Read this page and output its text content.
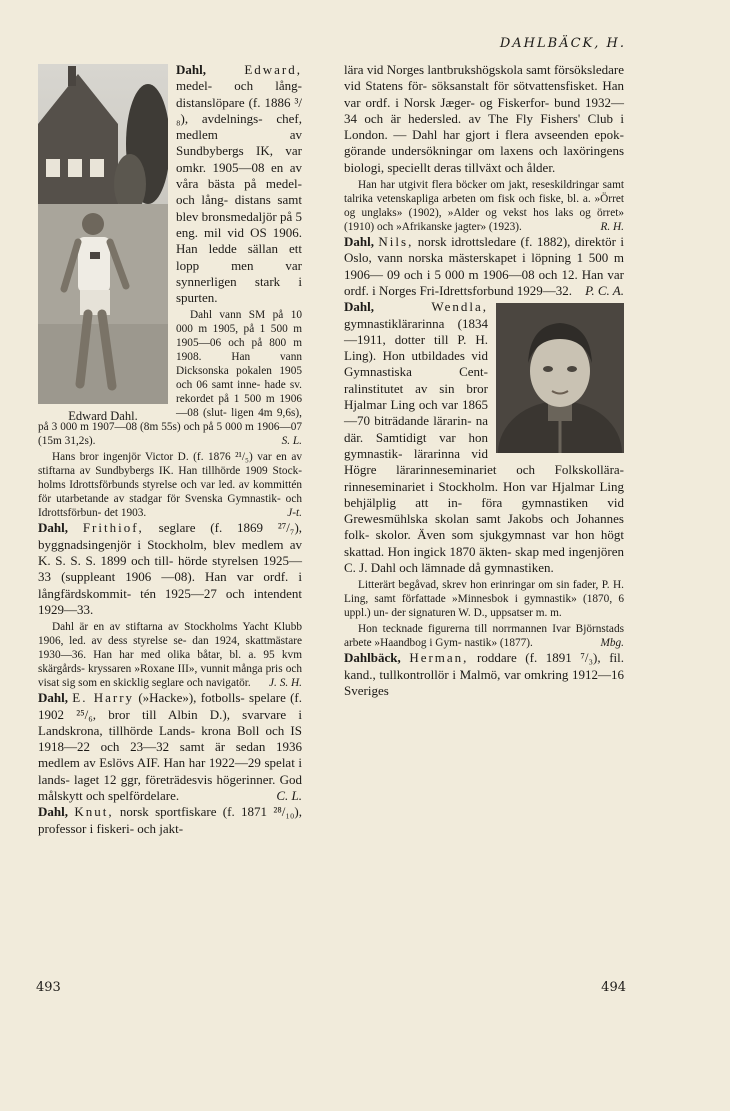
DAHLBÄCK, H.
Edward Dahl.

Dahl,	Edward, medel- och lång- distanslöpare (f. 1886 ³/₈), avdelnings- chef, medlem av Sundbybergs IK, var omkr. 1905—08 en av våra bästa på medel- och lång- distans samt blev bronsmedaljör på 5 eng. mil vid OS 1906. Han ledde sällan ett lopp men var synnerligen stark i spurten.

Dahl vann SM på 10 000 m 1905, på 1 500 m 1905—06 och på 800 m 1908. Han vann Dicksonska pokalen 1905 och 06 samt inne- hade sv. rekordet på 1 500 m 1906—08 (slut- ligen 4m 9,6s), på 3 000 m 1907—08 (8m 55s) och på 5 000 m 1906—07 (15m 31,2s).	S. L.

Hans bror ingenjör Victor D. (f. 1876 ²¹/₅) var en av stiftarna av Sundbybergs IK. Han tillhörde 1909 Stock- holms Idrottsförbunds styrelse och var led. av kommittén för utarbetande av stadgar för Svenska Gymnastik- och Idrottsförbun- det 1903.	J-t.

Dahl, Frithiof, seglare (f. 1869 ²⁷/₇), byggnadsingenjör i Stockholm, blev medlem av K. S. S. S. 1899 och till- hörde styrelsen 1925—33 (suppleant 1906 —08). Han var ordf. i långfärdskommit- tén 1925—27 och intendent 1929—33.

Dahl är en av stiftarna av Stockholms Yacht Klubb 1906, led. av dess styrelse se- dan 1924, skattmästare 1930—36. Han har med olika båtar, bl. a. 95 kvm skärgårds- kryssaren »Roxane III», vunnit många pris och visat sig som en skicklig seglare och navigatör.	J. S. H.

Dahl, E. Harry (»Hacke»), fotbolls- spelare (f. 1902 ²⁵/₆, bror till Albin D.), svarvare i Landskrona, tillhörde Lands- krona Boll och IS 1918—22 och 23—32 samt är sedan 1936 medlem av Eslövs AIF. Han har 1922—29 spelat i lands- laget 12 ggr, företrädesvis högerinner. God målskytt och spelfördelare.	C. L.
Dahl, Knut, norsk sportfiskare (f. 1871 ²⁸/₁₀), professor i fiskeri- och jakt-
lära vid Norges lantbrukshögskola samt försöksledare vid Statens för- söksanstalt för sötvattensfisket. Han var ordf. i Norsk Jæger- og Fiskerfor- bund 1932—34 och är hedersled. av The Fly Fishers' Club i London. — Dahl har gjort i flera avseenden epok- görande undersökningar om laxens och laxöringens biologi, speciellt deras tillväxt och ålder.

Han har utgivit flera böcker om jakt, reseskildringar samt talrika vetenskapliga arbeten om fisk och fiske, bl. a. »Örret og unglaks» (1902), »Alder og vekst hos laks og örret» (1910) och »Afrikanske jagter» (1923).	R. H.

Dahl, Nils, norsk idrottsledare (f. 1882), direktör i Oslo, vann norska mästerskapet i löpning 1 500 m 1906— 09 och i 5 000 m 1906—08 och 12. Han var ordf. i Norges Fri-Idrettsforbund 1929—32. P. C. A.
Dahl,	Wendla, gymnastiklärarinna (1834—1911, dotter till P. H. Ling). Hon utbildades vid Gymnastiska Cent- ralinstitutet av sin bror Hjalmar Ling och var 1865—70 biträdande lärarin- na där. Samtidigt var hon gymnastik- lärarinna vid Högre lärarinneseminariet och Folkskollära- rinneseminariet i Stockholm. Hon var Hjalmar Ling behjälplig att in- föra gymnastiken vid Grewesmühlska skolan samt Jakobs och Johannes folk- skolor. Även som sjukgymnast var hon högt skattad. Hon ingick 1870 äkten- skap med ingenjören C. J. Dahl och lämnade då gymnastiken.

Litterärt begåvad, skrev hon erinringar om sin fader, P. H. Ling, samt författade »Minnesbok i gymnastik» (1870, 6 uppl.) un- der signaturen W. D., uppsatser m. m.

Hon tecknade figurerna till norrmannen Ivar Björnstads arbete »Haandbog i Gym- nastik» (1877).	Mbg.

Dahlbäck, Herman, roddare (f. 1891 ⁷/₃), fil. kand., tullkontrollör i Malmö, var omkring 1912—16 Sveriges
493	494
